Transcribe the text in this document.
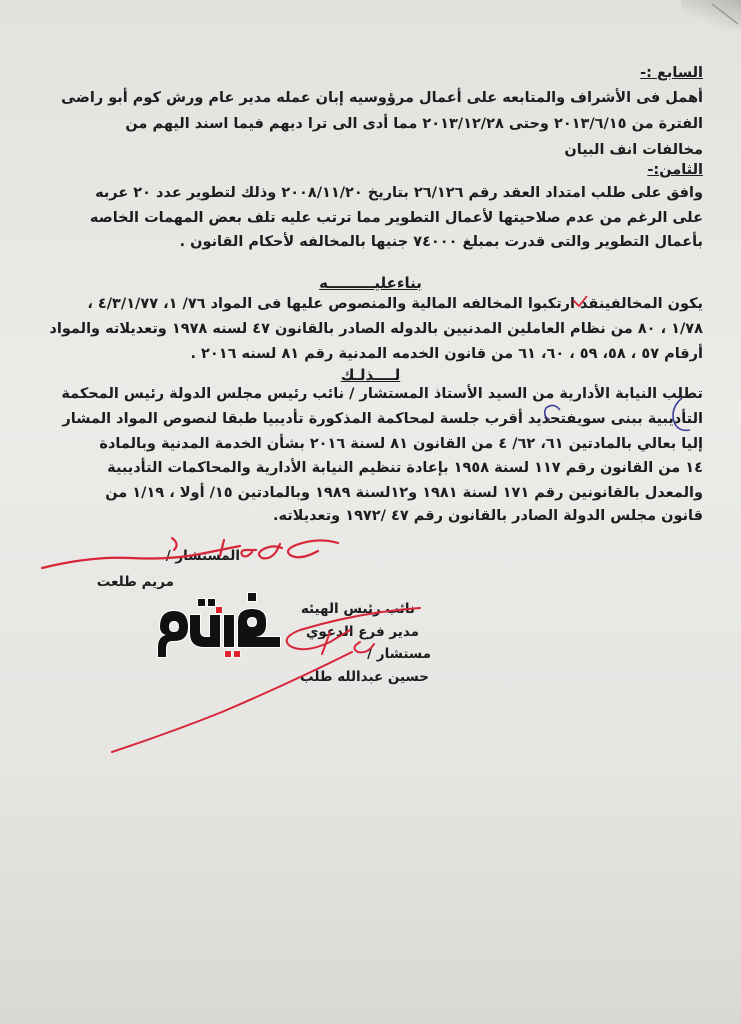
السابع :-
أهمل فى الأشراف والمتابعه على أعمال مرؤوسيه إبان عمله مدير عام ورش كوم أبو راضى
الفترة من ٢٠١٣/٦/١٥ وحتى ٢٠١٣/١٢/٢٨ مما أدى الى ترا ديهم فيما اسند اليهم من
مخالفات انف البيان
الثامن:-
وافق على طلب امتداد العقد رقم ٢٦/١٢٦ بتاريخ ٢٠٠٨/١١/٢٠ وذلك لتطوير عدد ٢٠ عربه
على الرغم من عدم صلاحيتها لأعمال التطوير مما ترتب عليه تلف بعض المهمات الخاصه
بأعمال التطوير والتى قدرت بمبلغ ٧٤٠٠٠ جنيها بالمخالفه لأحكام القانون .
بناءعليـــــــــه
يكون المخالفينقد ارتكبوا المخالفه المالية والمنصوص عليها فى المواد ٧٦/ ١، ٤/٣/١/٧٧ ،
١/٧٨ ، ٨٠ من نظام العاملين المدنيين بالدوله الصادر بالقانون ٤٧ لسنه ١٩٧٨ وتعديلاته والمواد
أرقام ٥٧ ، ٥٨، ٥٩ ، ٦٠، ٦١ من قانون الخدمه المدنية رقم ٨١ لسنه ٢٠١٦ .
لــــذلـك
تطلب النيابة الأدارية من السيد الأستاذ المستشار / نائب رئيس مجلس الدولة رئيس المحكمة
التأديبية ببنى سويفتحديد أقرب جلسة لمحاكمة المذكورة تأديبيا طبقا لنصوص المواد المشار
إليا بعالي بالمادتين ٦١، ٦٢/ ٤ من القانون ٨١ لسنة ٢٠١٦ بشأن الخدمة المدنية وبالمادة
١٤ من القانون رقم ١١٧ لسنة ١٩٥٨ بإعادة تنظيم النيابة الأدارية والمحاكمات التأديبية
والمعدل بالقانونين رقم ١٧١ لسنة ١٩٨١ و١٢لسنة ١٩٨٩ وبالمادتين ١٥/ أولا ، ١/١٩ من
قانون مجلس الدولة الصادر بالقانون رقم ٤٧ /١٩٧٢ وتعديلاته.
المستشار /
مريم طلعت
نائب رئيس الهيئه
مدير فرع الدعوي
مستشار /
حسين عبدالله طلب
